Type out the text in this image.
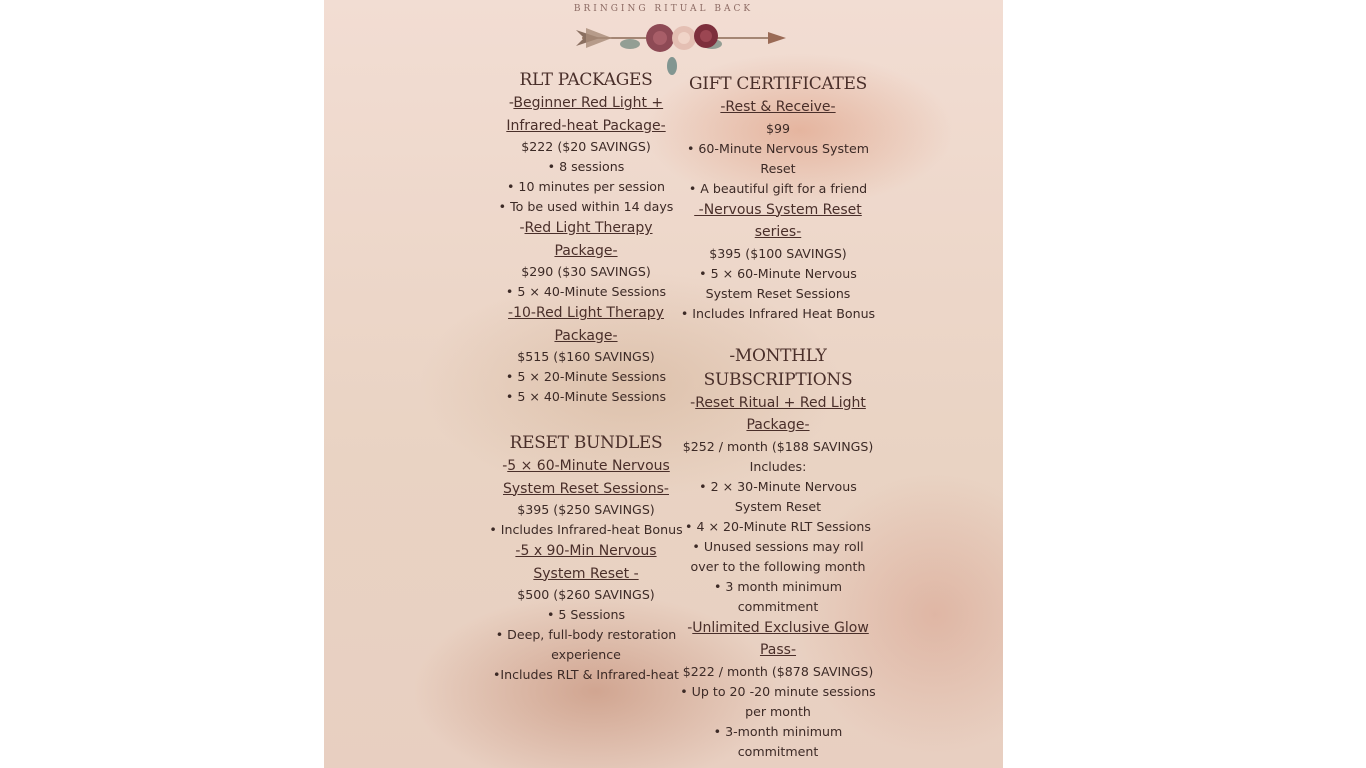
BRINGING RITUAL BACK
RLT PACKAGES
-Beginner Red Light +
Infrared-heat Package-
$222 ($20 SAVINGS)
• 8 sessions
• 10 minutes per session
• To be used within 14 days
-Red Light Therapy
Package-
$290 ($30 SAVINGS)
• 5 × 40-Minute Sessions
-10-Red Light Therapy
Package-
$515 ($160 SAVINGS)
• 5 × 20-Minute Sessions
• 5 × 40-Minute Sessions
RESET BUNDLES
-5 × 60-Minute Nervous
System Reset Sessions-
$395 ($250 SAVINGS)
• Includes Infrared-heat Bonus
-5 x 90-Min Nervous
System Reset -
$500 ($260 SAVINGS)
• 5 Sessions
• Deep, full-body restoration
experience
•Includes RLT & Infrared-heat
GIFT CERTIFICATES
-Rest & Receive-
$99
• 60-Minute Nervous System
Reset
• A beautiful gift for a friend
-Nervous System Reset
series-
$395 ($100 SAVINGS)
• 5 × 60-Minute Nervous
System Reset Sessions
• Includes Infrared Heat Bonus
-MONTHLY
SUBSCRIPTIONS
-Reset Ritual + Red Light
Package-
$252 / month ($188 SAVINGS)
Includes:
• 2 × 30-Minute Nervous
System Reset
• 4 × 20-Minute RLT Sessions
• Unused sessions may roll
over to the following month
• 3 month minimum
commitment
-Unlimited Exclusive Glow
Pass-
$222 / month ($878 SAVINGS)
• Up to 20 -20 minute sessions
per month
• 3-month minimum
commitment
